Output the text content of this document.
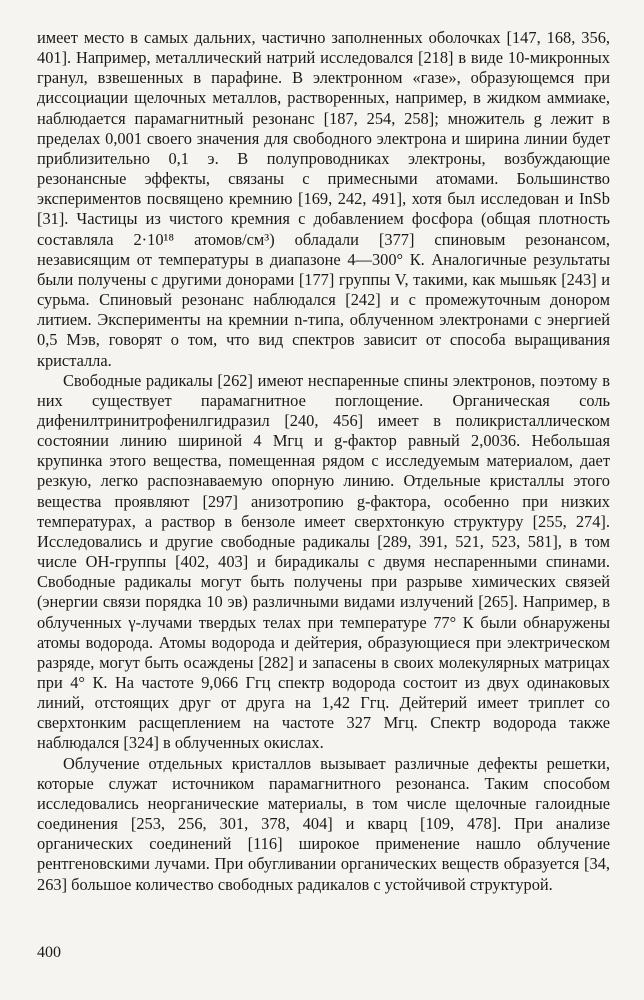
имеет место в самых дальних, частично заполненных оболочках [147, 168, 356, 401]. Например, металлический натрий исследовался [218] в виде 10-микронных гранул, взвешенных в парафине. В электронном «газе», образующемся при диссоциации щелочных металлов, растворенных, например, в жидком аммиаке, наблюдается парамагнитный резонанс [187, 254, 258]; множитель g лежит в пределах 0,001 своего значения для свободного электрона и ширина линии будет приблизительно 0,1 э. В полупроводниках электроны, возбуждающие резонансные эффекты, связаны с примесными атомами. Большинство экспериментов посвящено кремнию [169, 242, 491], хотя был исследован и InSb [31]. Частицы из чистого кремния с добавлением фосфора (общая плотность составляла 2·10¹⁸ атомов/см³) обладали [377] спиновым резонансом, независящим от температуры в диапазоне 4—300° К. Аналогичные результаты были получены с другими донорами [177] группы V, такими, как мышьяк [243] и сурьма. Спиновый резонанс наблюдался [242] и с промежуточным донором литием. Эксперименты на кремнии n-типа, облученном электронами с энергией 0,5 Мэв, говорят о том, что вид спектров зависит от способа выращивания кристалла.

Свободные радикалы [262] имеют неспаренные спины электронов, поэтому в них существует парамагнитное поглощение. Органическая соль дифенилтринитрофенилгидразил [240, 456] имеет в поликристаллическом состоянии линию шириной 4 Мгц и g-фактор равный 2,0036. Небольшая крупинка этого вещества, помещенная рядом с исследуемым материалом, дает резкую, легко распознаваемую опорную линию. Отдельные кристаллы этого вещества проявляют [297] анизотропию g-фактора, особенно при низких температурах, а раствор в бензоле имеет сверхтонкую структуру [255, 274]. Исследовались и другие свободные радикалы [289, 391, 521, 523, 581], в том числе ОН-группы [402, 403] и бирадикалы с двумя неспаренными спинами. Свободные радикалы могут быть получены при разрыве химических связей (энергии связи порядка 10 эв) различными видами излучений [265]. Например, в облученных γ-лучами твердых телах при температуре 77° К были обнаружены атомы водорода. Атомы водорода и дейтерия, образующиеся при электрическом разряде, могут быть осаждены [282] и запасены в своих молекулярных матрицах при 4° К. На частоте 9,066 Ггц спектр водорода состоит из двух одинаковых линий, отстоящих друг от друга на 1,42 Ггц. Дейтерий имеет триплет со сверхтонким расщеплением на частоте 327 Мгц. Спектр водорода также наблюдался [324] в облученных окислах.

Облучение отдельных кристаллов вызывает различные дефекты решетки, которые служат источником парамагнитного резонанса. Таким способом исследовались неорганические материалы, в том числе щелочные галоидные соединения [253, 256, 301, 378, 404] и кварц [109, 478]. При анализе органических соединений [116] широкое применение нашло облучение рентгеновскими лучами. При обугливании органических веществ образуется [34, 263] большое количество свободных радикалов с устойчивой структурой.

400
